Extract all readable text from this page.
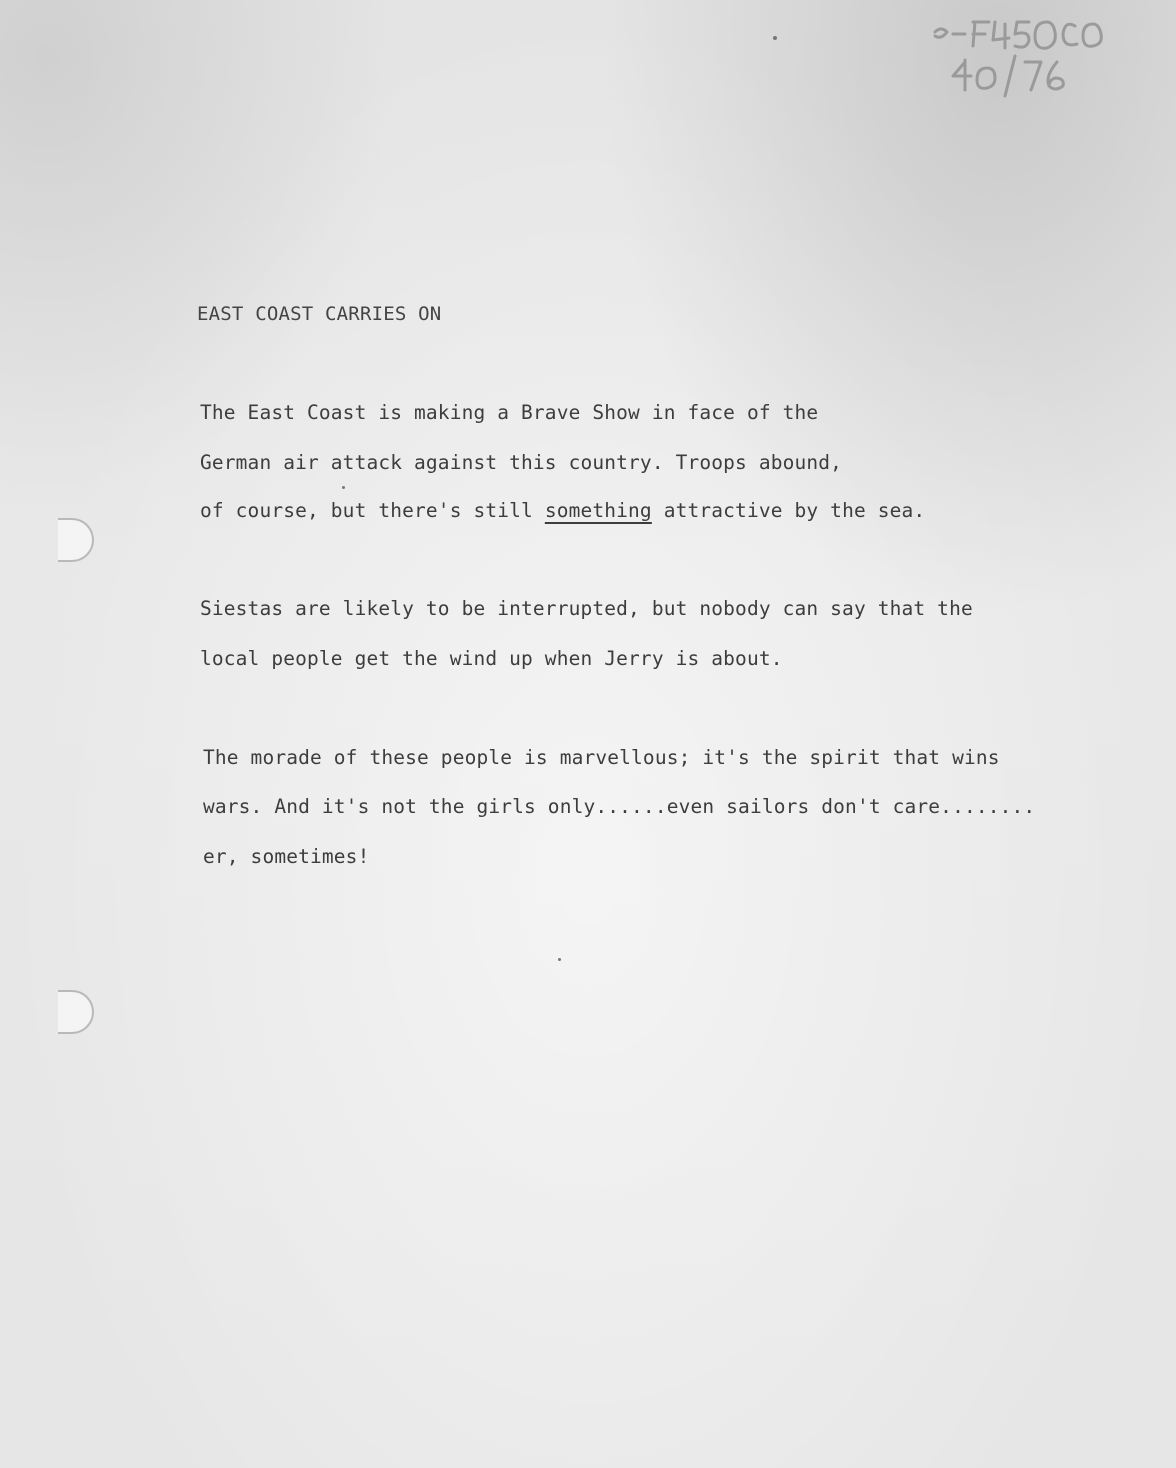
EAST COAST CARRIES ON
The East Coast is making a Brave Show in face of the
German air attack against this country. Troops abound,
of course, but there's still something attractive by the sea.
Siestas are likely to be interrupted, but nobody can say that the
local people get the wind up when Jerry is about.
The morade of these people is marvellous; it's the spirit that wins
wars. And it's not the girls only......even sailors don't care........
er, sometimes!
